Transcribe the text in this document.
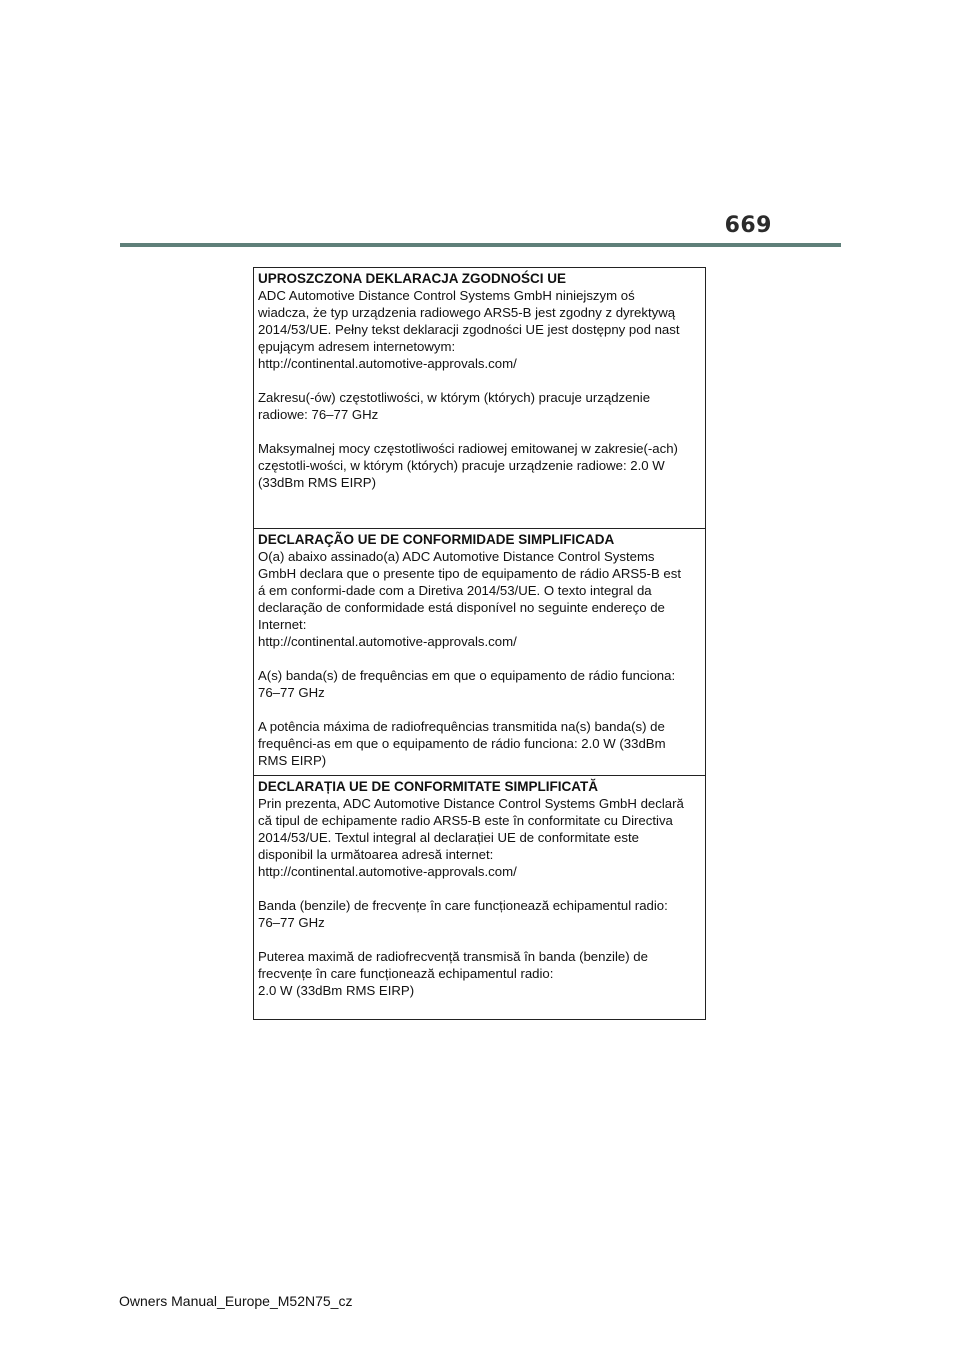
669

UPROSZCZONA DEKLARACJA ZGODNOŚCI UE

ADC Automotive Distance Control Systems GmbH niniejszym oś
wiadcza, że typ urządzenia radiowego ARS5-B jest zgodny z dyrektywą
2014/53/UE. Pełny tekst deklaracji zgodności UE jest dostępny pod nast
ępującym adresem internetowym:
http://continental.automotive-approvals.com/

Zakresu(-ów) częstotliwości, w którym (których) pracuje urządzenie
radiowe: 76–77 GHz

Maksymalnej mocy częstotliwości radiowej emitowanej w zakresie(-ach)
częstotli-wości, w którym (których) pracuje urządzenie radiowe: 2.0 W
(33dBm RMS EIRP)

DECLARAÇÃO UE DE CONFORMIDADE SIMPLIFICADA

O(a) abaixo assinado(a) ADC Automotive Distance Control Systems
GmbH declara que o presente tipo de equipamento de rádio ARS5-B est
á em conformi-dade com a Diretiva 2014/53/UE. O texto integral da
declaração de conformidade está disponível no seguinte endereço de
Internet:
http://continental.automotive-approvals.com/

A(s) banda(s) de frequências em que o equipamento de rádio funciona:
76–77 GHz

A potência máxima de radiofrequências transmitida na(s) banda(s) de
frequênci-as em que o equipamento de rádio funciona: 2.0 W (33dBm
RMS EIRP)

DECLARAȚIA UE DE CONFORMITATE SIMPLIFICATĂ

Prin prezenta, ADC Automotive Distance Control Systems GmbH declară
că tipul de echipamente radio ARS5-B este în conformitate cu Directiva
2014/53/UE. Textul integral al declarației UE de conformitate este
disponibil la următoarea adresă internet:
http://continental.automotive-approvals.com/

Banda (benzile) de frecvențe în care funcționează echipamentul radio:
76–77 GHz

Puterea maximă de radiofrecvență transmisă în banda (benzile) de
frecvențe în care funcționează echipamentul radio:
2.0 W (33dBm RMS EIRP)

Owners Manual_Europe_M52N75_cz
